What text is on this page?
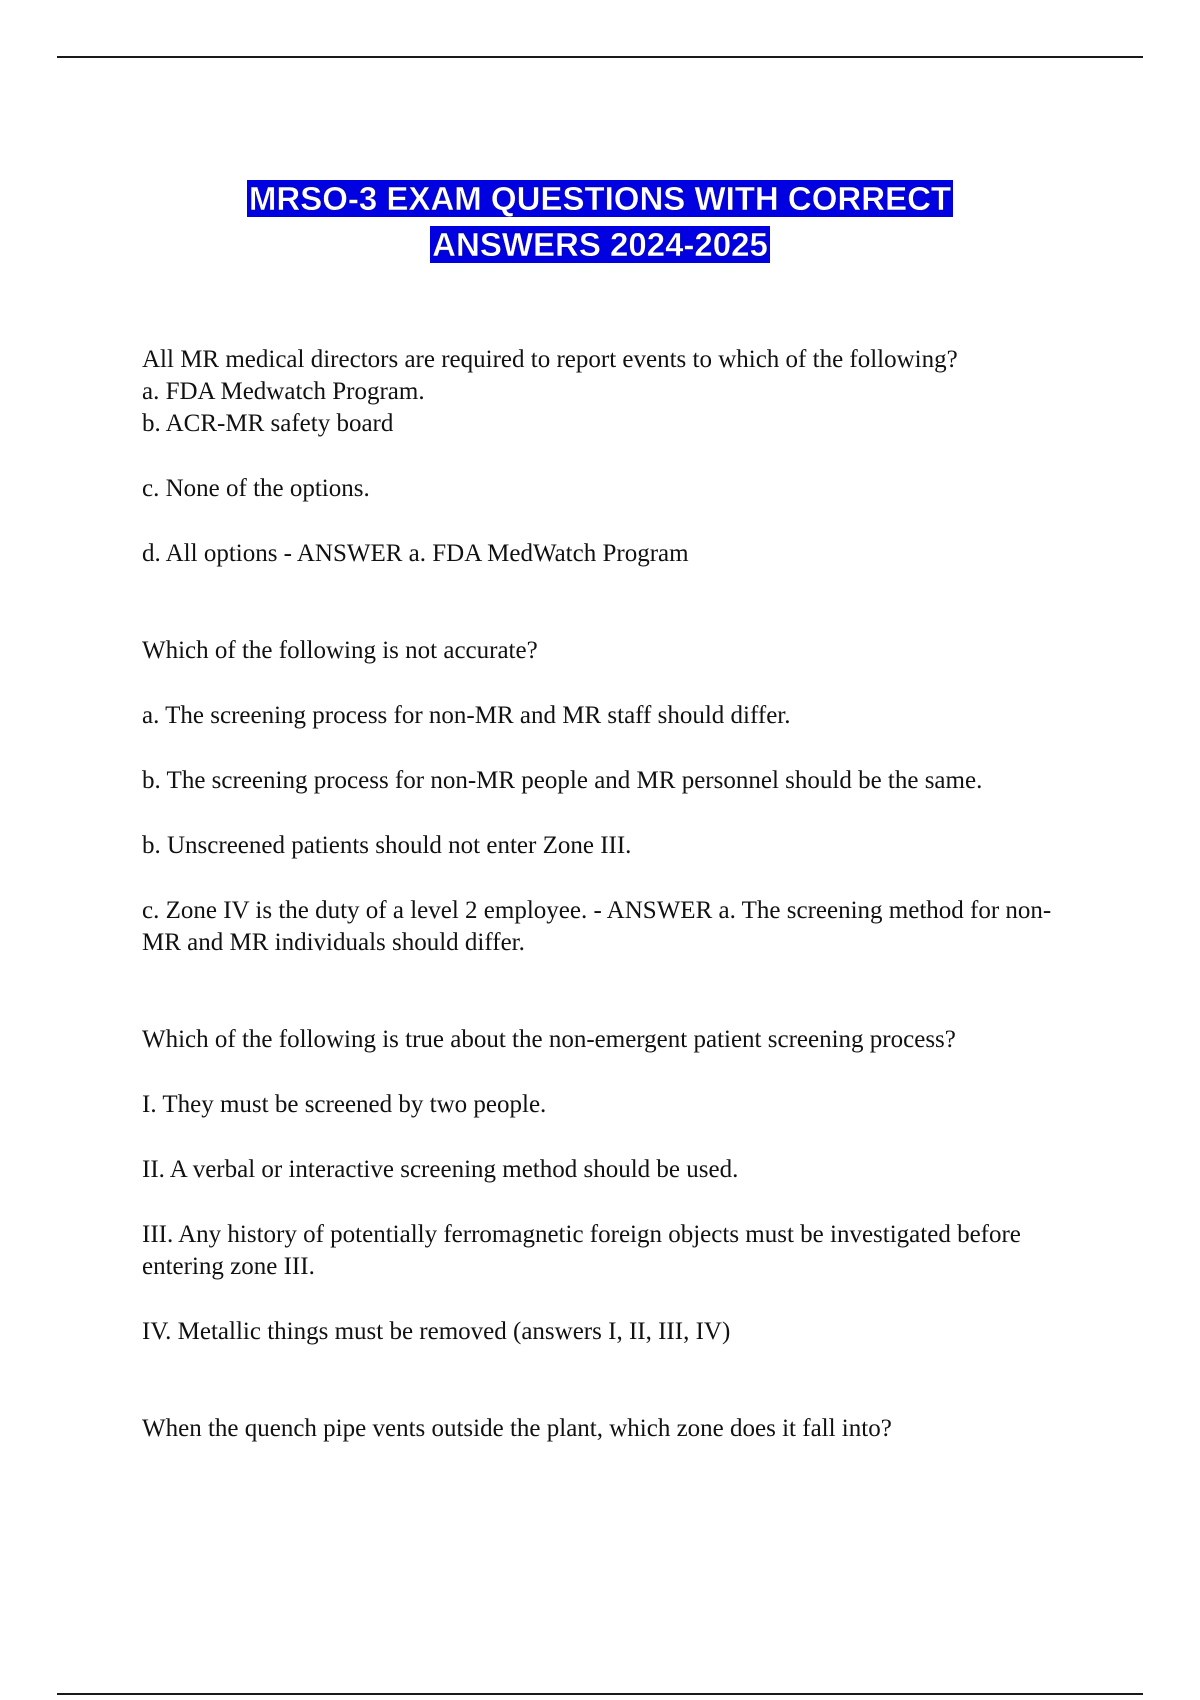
MRSO-3 EXAM QUESTIONS WITH CORRECT
ANSWERS 2024-2025

All MR medical directors are required to report events to which of the following?

a. FDA Medwatch Program.

b. ACR-MR safety board

c. None of the options.

d. All options - ANSWER a. FDA MedWatch Program

Which of the following is not accurate?

a. The screening process for non-MR and MR staff should differ.

b. The screening process for non-MR people and MR personnel should be the same.

b. Unscreened patients should not enter Zone III.

c. Zone IV is the duty of a level 2 employee. - ANSWER a. The screening method for non-MR and MR individuals should differ.

Which of the following is true about the non-emergent patient screening process?

I. They must be screened by two people.

II. A verbal or interactive screening method should be used.

III. Any history of potentially ferromagnetic foreign objects must be investigated before entering zone III.

IV. Metallic things must be removed (answers I, II, III, IV)

When the quench pipe vents outside the plant, which zone does it fall into?
